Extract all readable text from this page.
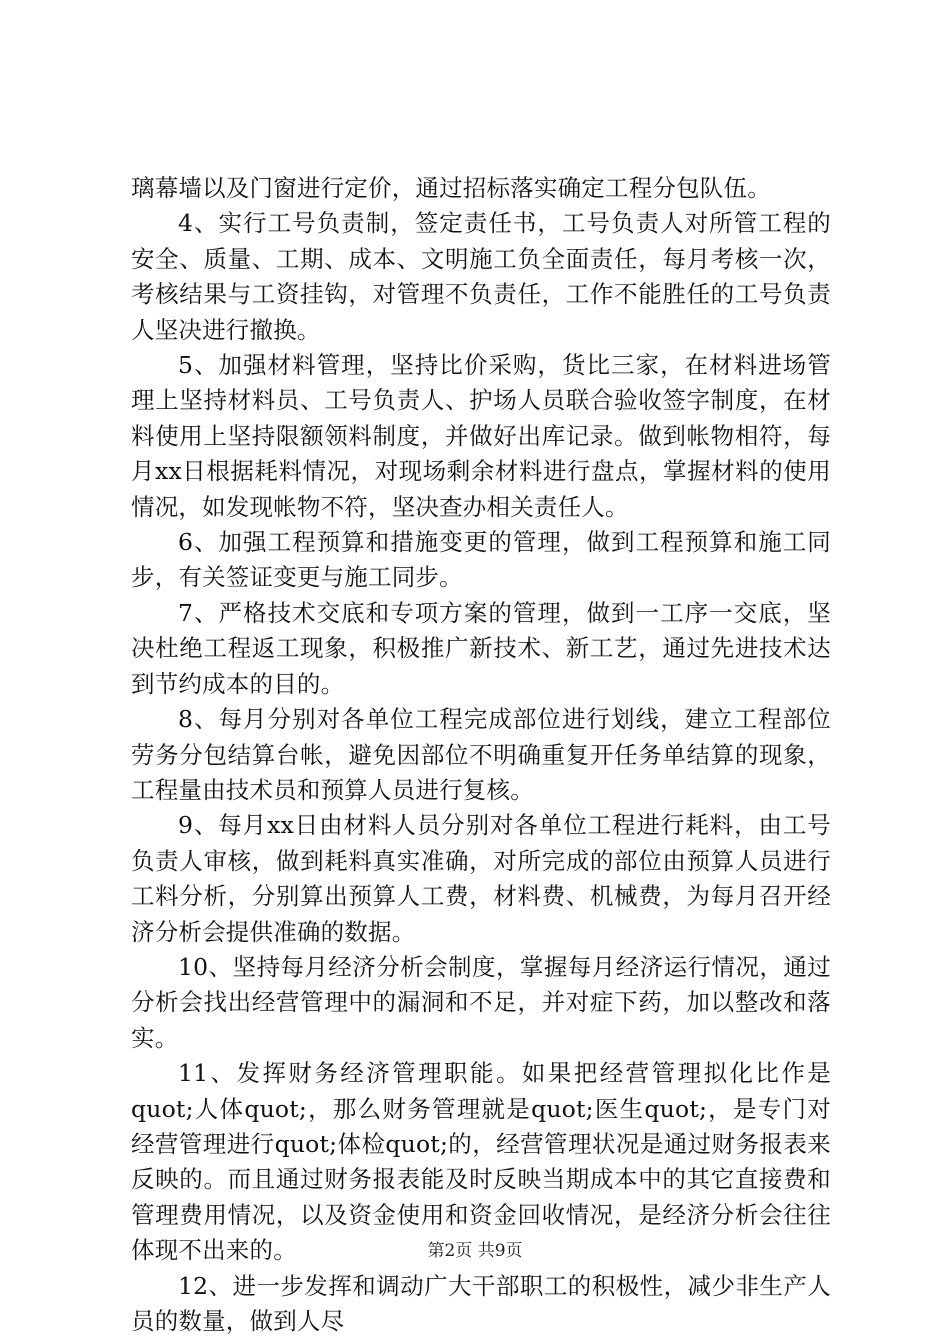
璃幕墙以及门窗进行定价，通过招标落实确定工程分包队伍。

4、实行工号负责制，签定责任书，工号负责人对所管工程的安全、质量、工期、成本、文明施工负全面责任，每月考核一次，考核结果与工资挂钩，对管理不负责任，工作不能胜任的工号负责人坚决进行撤换。

5、加强材料管理，坚持比价采购，货比三家，在材料进场管理上坚持材料员、工号负责人、护场人员联合验收签字制度，在材料使用上坚持限额领料制度，并做好出库记录。做到帐物相符，每月xx日根据耗料情况，对现场剩余材料进行盘点，掌握材料的使用情况，如发现帐物不符，坚决查办相关责任人。

6、加强工程预算和措施变更的管理，做到工程预算和施工同步，有关签证变更与施工同步。

7、严格技术交底和专项方案的管理，做到一工序一交底，坚决杜绝工程返工现象，积极推广新技术、新工艺，通过先进技术达到节约成本的目的。

8、每月分别对各单位工程完成部位进行划线，建立工程部位劳务分包结算台帐，避免因部位不明确重复开任务单结算的现象，工程量由技术员和预算人员进行复核。

9、每月xx日由材料人员分别对各单位工程进行耗料，由工号负责人审核，做到耗料真实准确，对所完成的部位由预算人员进行工料分析，分别算出预算人工费，材料费、机械费，为每月召开经济分析会提供准确的数据。

10、坚持每月经济分析会制度，掌握每月经济运行情况，通过分析会找出经营管理中的漏洞和不足，并对症下药，加以整改和落实。

11、发挥财务经济管理职能。如果把经营管理拟化比作是quot;人体quot;，那么财务管理就是quot;医生quot;，是专门对经营管理进行quot;体检quot;的，经营管理状况是通过财务报表来反映的。而且通过财务报表能及时反映当期成本中的其它直接费和管理费用情况，以及资金使用和资金回收情况，是经济分析会往往体现不出来的。

12、进一步发挥和调动广大干部职工的积极性，减少非生产人员的数量，做到人尽

第2页 共9页
